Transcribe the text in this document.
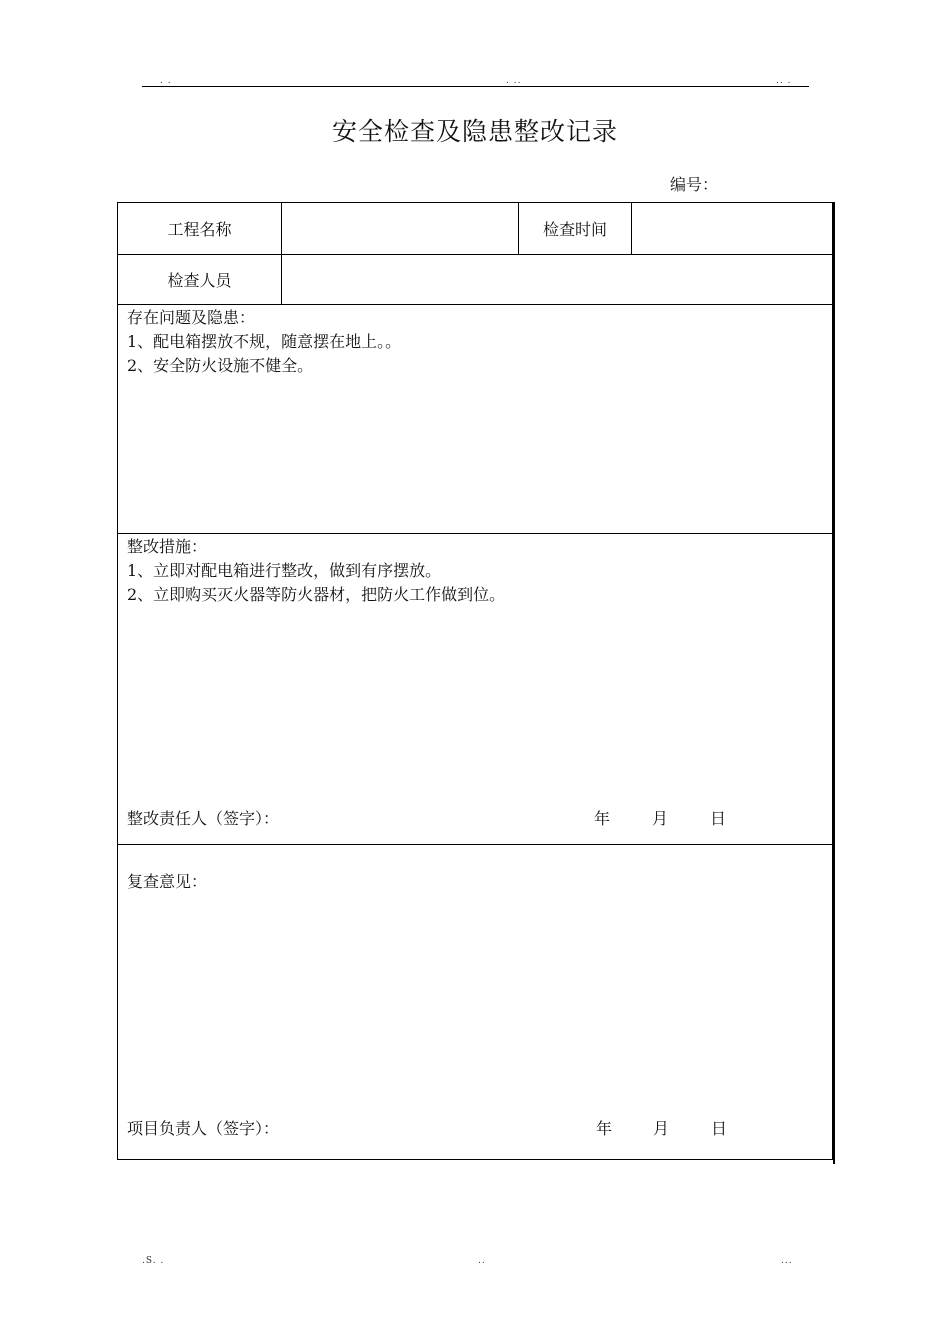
. .	. ..	.. .
安全检查及隐患整改记录
编号：
工程名称	检查时间
检查人员
存在问题及隐患：
1、配电箱摆放不规，随意摆在地上。。
2、安全防火设施不健全。
整改措施：
1、立即对配电箱进行整改，做到有序摆放。
2、立即购买灭火器等防火器材，把防火工作做到位。
整改责任人（签字）：	年	月	日
复查意见：
项目负责人（签字）：	年	月	日
.S. .	..	...
